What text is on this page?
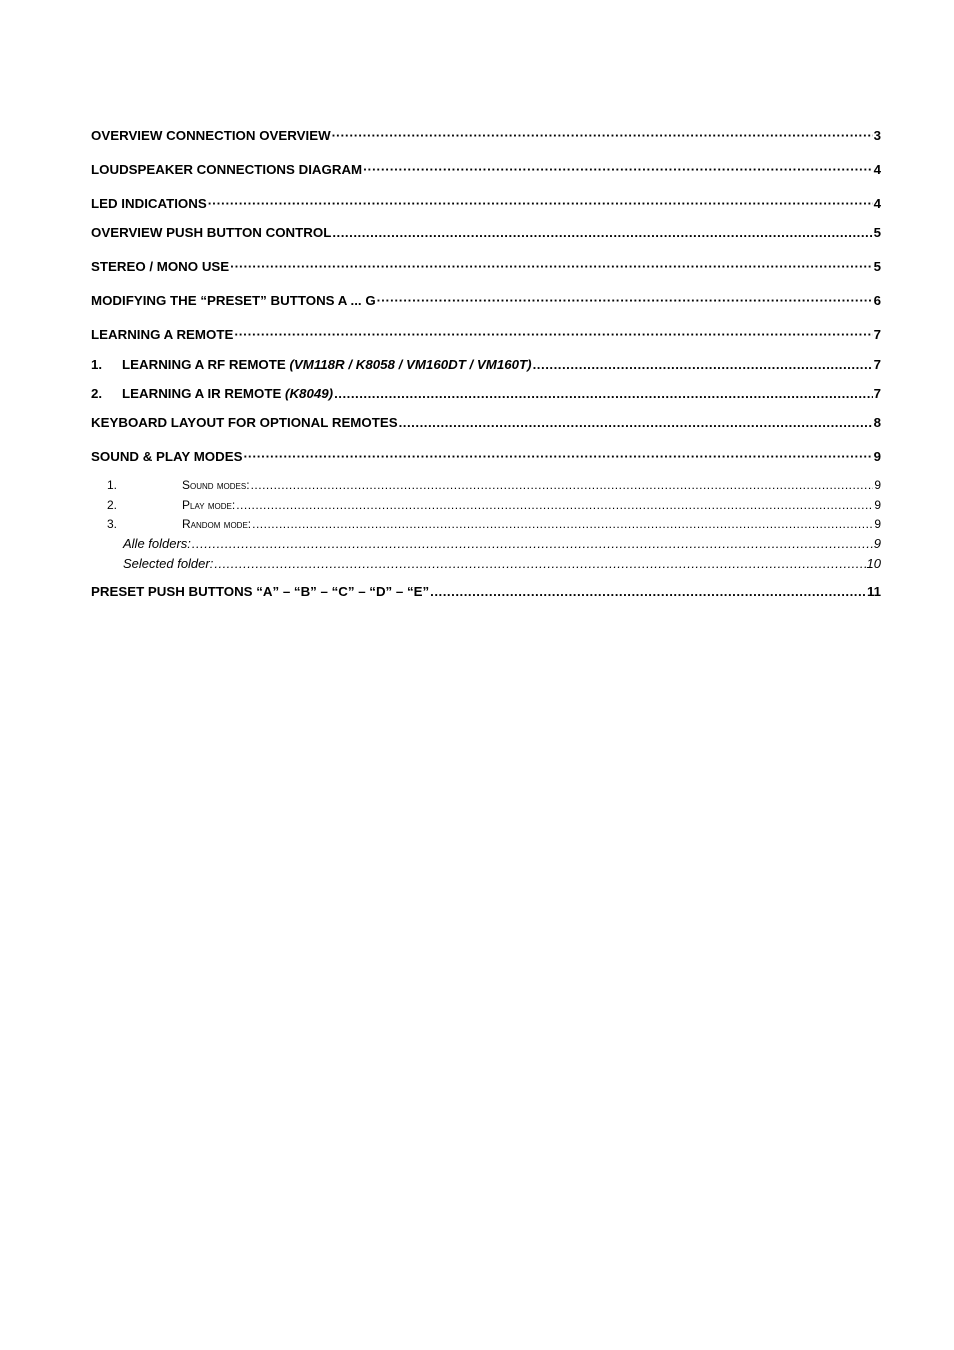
OVERVIEW CONNECTION OVERVIEW ·····	3
LOUDSPEAKER CONNECTIONS DIAGRAM ·····	4
LED INDICATIONS ·····	4
OVERVIEW PUSH BUTTON CONTROL .....	5
STEREO / MONO USE ·····	5
MODIFYING THE “PRESET” BUTTONS A ... G ·····	6
LEARNING A REMOTE ·····	7
1. LEARNING A RF REMOTE (VM118R / K8058 / VM160DT / VM160T) .....	7
2. LEARNING A IR REMOTE (K8049) .....	7
KEYBOARD LAYOUT FOR OPTIONAL REMOTES .....	8
SOUND & PLAY MODES ·····	9
1.	Sound modes: .....	9
2.	Play mode: .....	9
3.	Random mode: .....	9
Alle folders: .....	9
Selected folder: .....	10
PRESET PUSH BUTTONS “A” – “B” – “C” – “D” – “E” .....	11
